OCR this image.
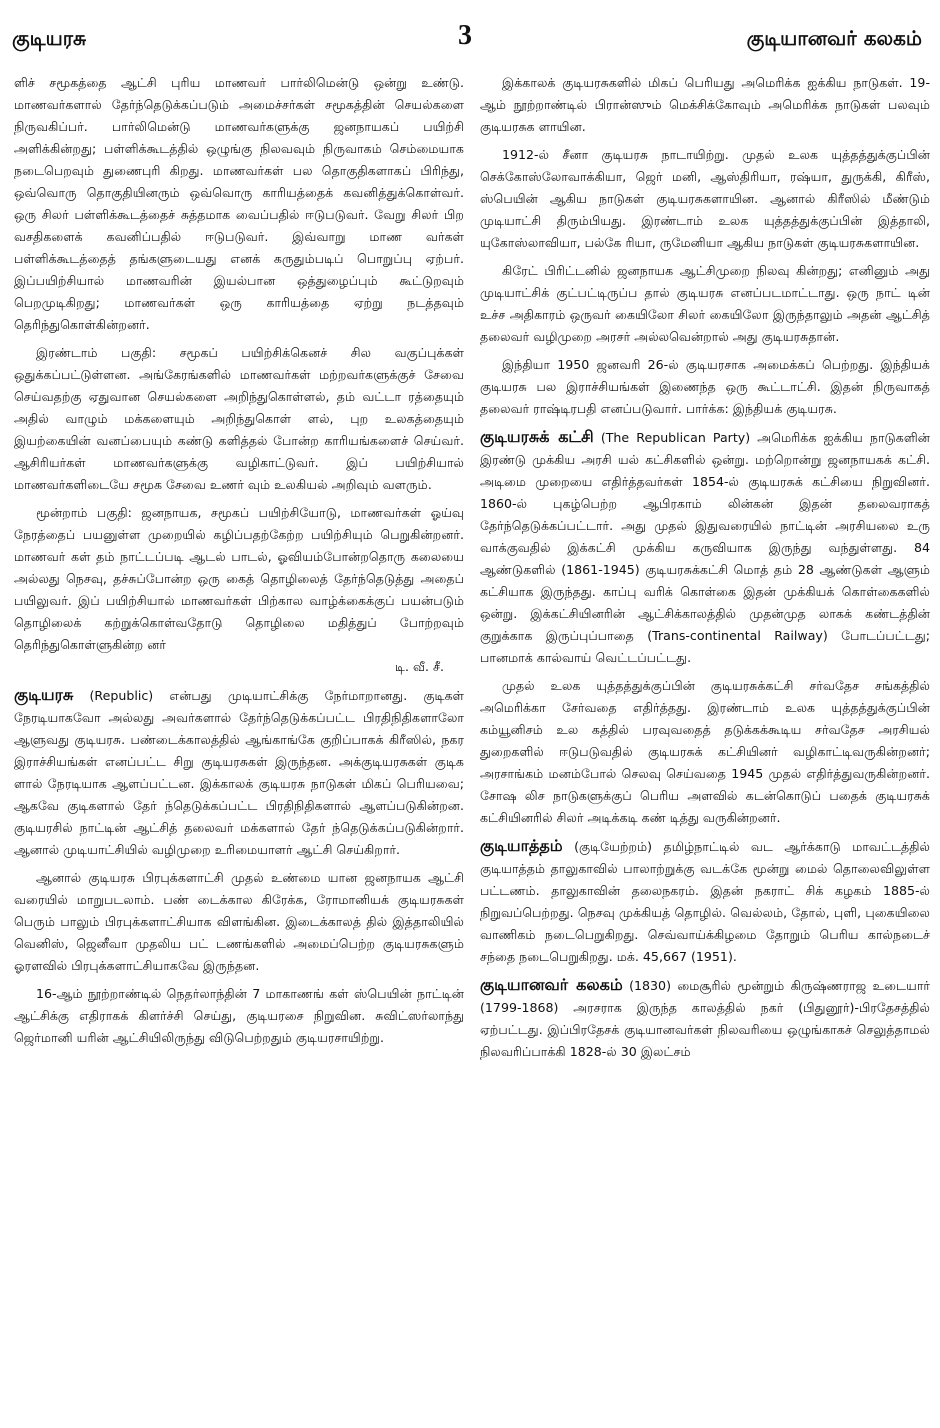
குடியரசு	3	குடியானவர் கலகம்

ளிச் சமூகத்தை ஆட்சி புரிய மாணவர் பார்லிமென்டு ஒன்று உண்டு. மாணவர்களால் தேர்ந்தெடுக்கப்படும் அமைச்சர்கள் சமூகத்தின் செயல்களை நிருவகிப்பர். பார்லிமென்டு மாணவர்களுக்கு ஜனநாயகப் பயிற்சி அளிக்கின்றது; பள்ளிக்கூடத்தில் ஒழுங்கு நிலவவும் நிருவாகம் செம்மையாக நடைபெறவும் துணைபுரி கிறது. மாணவர்கள் பல தொகுதிகளாகப் பிரிந்து, ஒவ்வொரு தொகுதியினரும் ஒவ்வொரு காரியத்தைக் கவனித்துக்கொள்வர். ஒரு சிலர் பள்ளிக்கூடத்தைச் சுத்தமாக வைப்பதில் ஈடுபடுவர். வேறு சிலர் பிற வசதிகளைக் கவனிப்பதில் ஈடுபடுவர். இவ்வாறு மாண வர்கள் பள்ளிக்கூடத்தைத் தங்களுடையது எனக் கருதும்படிப் பொறுப்பு ஏற்பர். இப்பயிற்சியால் மாணவரின் இயல்பான ஒத்துழைப்பும் கூட்டுறவும் பெறமுடிகிறது; மாணவர்கள் ஒரு காரியத்தை ஏற்று நடத்தவும் தெரிந்துகொள்கின்றனர்.

இரண்டாம் பகுதி: சமூகப் பயிற்சிக்கெனச் சில வகுப்புக்கள் ஒதுக்கப்பட்டுள்ளன. அங்கேரங்களில் மாணவர்கள் மற்றவர்களுக்குச் சேவை செய்வதற்கு ஏதுவான செயல்களை அறிந்துகொள்ளல், தம் வட்டா ரத்தையும் அதில் வாழும் மக்களையும் அறிந்துகொள் ளல், புற உலகத்தையும் இயற்கையின் வனப்பையும் கண்டு களித்தல் போன்ற காரியங்களைச் செய்வர். ஆசிரியர்கள் மாணவர்களுக்கு வழிகாட்டுவர். இப் பயிற்சியால் மாணவர்களிடையே சமூக சேவை உணர் வும் உலகியல் அறிவும் வளரும்.

மூன்றாம் பகுதி: ஜனநாயக, சமூகப் பயிற்சியோடு, மாணவர்கள் ஓய்வு நேரத்தைப் பயனுள்ள முறையில் கழிப்பதற்கேற்ற பயிற்சியும் பெறுகின்றனர். மாணவர் கள் தம் நாட்டப்படி ஆடல் பாடல், ஓவியம்போன்றதொரு கலையை அல்லது நெசவு, தச்சுப்போன்ற ஒரு கைத் தொழிலைத் தேர்ந்தெடுத்து அதைப் பயிலுவர். இப் பயிற்சியால் மாணவர்கள் பிற்கால வாழ்க்கைக்குப் பயன்படும் தொழிலைக் கற்றுக்கொள்வதோடு தொழிலை மதித்துப் போற்றவும் தெரிந்துகொள்ளுகின்ற னர்
டி. வீ. சீ.

குடியரசு (Republic) என்பது முடியாட்சிக்கு நேர்மாறானது. குடிகள் நேரடியாகவோ அல்லது அவர்களால் தேர்ந்தெடுக்கப்பட்ட பிரதிநிதிகளாலோ ஆளுவது குடியரசு. பண்டைக்காலத்தில் ஆங்காங்கே குறிப்பாகக் கிரீஸில், நகர இராச்சியங்கள் எனப்பட்ட சிறு குடியரசுகள் இருந்தன. அக்குடியரசுகள் குடிக ளால் நேரடியாக ஆளப்பட்டன. இக்காலக் குடியரசு நாடுகள் மிகப் பெரியவை; ஆகவே குடிகளால் தேர் ந்தெடுக்கப்பட்ட பிரதிநிதிகளால் ஆளப்படுகின்றன. குடியரசில் நாட்டின் ஆட்சித் தலைவர் மக்களால் தேர் ந்தெடுக்கப்படுகின்றார். ஆனால் முடியாட்சியில் வழிமுறை உரிமையாளர் ஆட்சி செய்கிறார்.

ஆனால் குடியரசு பிரபுக்களாட்சி முதல் உண்மை யான ஜனநாயக ஆட்சி வரையில் மாறுபடலாம். பண் டைக்கால கிரேக்க, ரோமானியக் குடியரசுகள் பெரும் பாலும் பிரபுக்களாட்சியாக விளங்கின. இடைக்காலத் தில் இத்தாலியில் வெனிஸ், ஜெனீவா முதலிய பட் டணங்களில் அமைப்பெற்ற குடியரசுகளும் ஓரளவில் பிரபுக்களாட்சியாகவே இருந்தன.

16-ஆம் நூற்றாண்டில் நெதர்லாந்தின் 7 மாகாணங் கள் ஸ்பெயின் நாட்டின் ஆட்சிக்கு எதிராகக் கிளர்ச்சி செய்து, குடியரசை நிறுவின. சுவிட்ஸர்லாந்து ஜெர்மானி யரின் ஆட்சியிலிருந்து விடுபெற்றதும் குடியரசாயிற்று.

இக்காலக் குடியரசுகளில் மிகப் பெரியது அமெரிக்க ஐக்கிய நாடுகள். 19-ஆம் நூற்றாண்டில் பிரான்ஸும் மெக்சிக்கோவும் அமெரிக்க நாடுகள் பலவும் குடியரசுக ளாயின.

1912-ல் சீனா குடியரசு நாடாயிற்று. முதல் உலக யுத்தத்துக்குப்பின் செக்கோஸ்லோவாக்கியா, ஜெர் மனி, ஆஸ்திரியா, ரஷ்யா, துருக்கி, கிரீஸ், ஸ்பெயின் ஆகிய நாடுகள் குடியரசுகளாயின. ஆனால் கிரீஸில் மீண்டும் முடியாட்சி திரும்பியது. இரண்டாம் உலக யுத்தத்துக்குப்பின் இத்தாலி, யுகோஸ்லாவியா, பல்கே ரியா, ருமேனியா ஆகிய நாடுகள் குடியரசுகளாயின.

கிரேட் பிரிட்டனில் ஜனநாயக ஆட்சிமுறை நிலவு கின்றது; எனினும் அது முடியாட்சிக் குட்பட்டிருப்ப தால் குடியரசு எனப்படமாட்டாது. ஒரு நாட் டின் உச்ச அதிகாரம் ஒருவர் கையிலோ சிலர் கையிலோ இருந்தாலும் அதன் ஆட்சித் தலைவர் வழிமுறை அரசர் அல்லவென்றால் அது குடியரசுதான்.

இந்தியா 1950 ஜனவரி 26-ல் குடியரசாக அமைக்கப் பெற்றது. இந்தியக் குடியரசு பல இராச்சியங்கள் இணைந்த ஒரு கூட்டாட்சி. இதன் நிருவாகத் தலைவர் ராஷ்டிரபதி எனப்படுவார். பார்க்க: இந்தியக் குடியரசு.

குடியரசுக் கட்சி (The Republican Party) அமெரிக்க ஐக்கிய நாடுகளின் இரண்டு முக்கிய அரசி யல் கட்சிகளில் ஒன்று. மற்றொன்று ஜனநாயகக் கட்சி. அடிமை முறையை எதிர்த்தவர்கள் 1854-ல் குடியரசுக் கட்சியை நிறுவினர். 1860-ல் புகழ்பெற்ற ஆபிரகாம் லின்கன் இதன் தலைவராகத் தேர்ந்தெடுக்கப்பட்டார். அது முதல் இதுவரையில் நாட்டின் அரசியலை உரு வாக்குவதில் இக்கட்சி முக்கிய கருவியாக இருந்து வந்துள்ளது. 84 ஆண்டுகளில் (1861-1945) குடியரசுக்கட்சி மொத் தம் 28 ஆண்டுகள் ஆளும் கட்சியாக இருந்தது. காப்பு வரிக் கொள்கை இதன் முக்கியக் கொள்கைகளில் ஒன்று. இக்கட்சியினரின் ஆட்சிக்காலத்தில் முதன்முத லாகக் கண்டத்தின் குறுக்காக இருப்புப்பாதை (Trans-continental Railway) போடப்பட்டது; பானமாக் கால்வாய் வெட்டப்பட்டது.

முதல் உலக யுத்தத்துக்குப்பின் குடியரசுக்கட்சி சர்வதேச சங்கத்தில் அமெரிக்கா சேர்வதை எதிர்த்தது. இரண்டாம் உலக யுத்தத்துக்குப்பின் கம்யூனிசம் உல கத்தில் பரவுவதைத் தடுக்கக்கூடிய சர்வதேச அரசியல் துறைகளில் ஈடுபடுவதில் குடியரசுக் கட்சியினர் வழிகாட்டிவருகின்றனர்; அரசாங்கம் மனம்போல் செலவு செய்வதை 1945 முதல் எதிர்த்துவருகின்றனர். சோஷ லிச நாடுகளுக்குப் பெரிய அளவில் கடன்கொடுப் பதைக் குடியரசுக் கட்சியினரில் சிலர் அடிக்கடி கண் டித்து வருகின்றனர்.

குடியாத்தம் (குடியேற்றம்) தமிழ்நாட்டில் வட ஆர்க்காடு மாவட்டத்தில் குடியாத்தம் தாலுகாவில் பாலாற்றுக்கு வடக்கே மூன்று மைல் தொலைவிலுள்ள பட்டணம். தாலுகாவின் தலைநகரம். இதன் நகராட் சிக் கழகம் 1885-ல் நிறுவப்பெற்றது. நெசவு முக்கியத் தொழில். வெல்லம், தோல், புளி, புகையிலை வாணிகம் நடைபெறுகிறது. செவ்வாய்க்கிழமை தோறும் பெரிய கால்நடைச் சந்தை நடைபெறுகிறது. மக். 45,667 (1951).

குடியானவர் கலகம் (1830) மைசூரில் மூன்றும் கிருஷ்ணராஜ உடையார் (1799-1868) அரசராக இருந்த காலத்தில் நகர் (பிதுனூர்)-பிரதேசத்தில் ஏற்பட்டது. இப்பிரதேசக் குடியானவர்கள் நிலவரியை ஒழுங்காகச் செலுத்தாமல் நிலவரிப்பாக்கி 1828-ல் 30 இலட்சம்
